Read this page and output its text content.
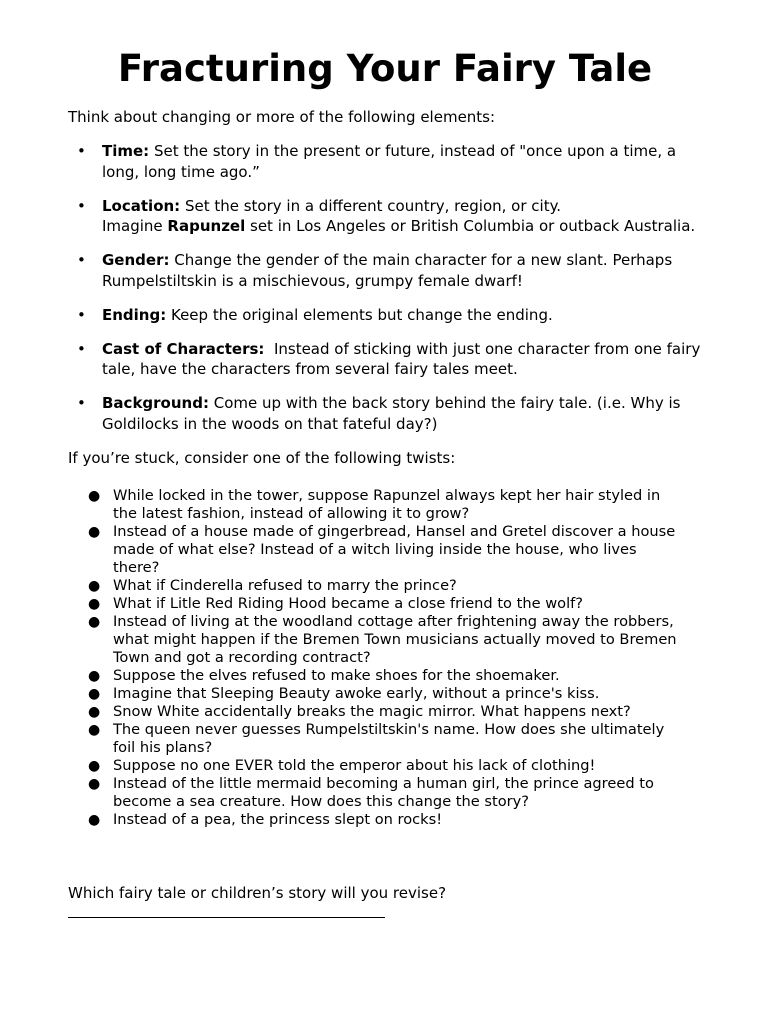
Fracturing Your Fairy Tale

Think about changing or more of the following elements:

• Time: Set the story in the present or future, instead of "once upon a time, a long, long time ago.”
• Location: Set the story in a different country, region, or city.
Imagine Rapunzel set in Los Angeles or British Columbia or outback Australia.
• Gender: Change the gender of the main character for a new slant. Perhaps Rumpelstiltskin is a mischievous, grumpy female dwarf!
• Ending: Keep the original elements but change the ending.
• Cast of Characters:  Instead of sticking with just one character from one fairy tale, have the characters from several fairy tales meet.
• Background: Come up with the back story behind the fairy tale. (i.e. Why is Goldilocks in the woods on that fateful day?)

If you’re stuck, consider one of the following twists:

● While locked in the tower, suppose Rapunzel always kept her hair styled in
the latest fashion, instead of allowing it to grow?
● Instead of a house made of gingerbread, Hansel and Gretel discover a house
made of what else? Instead of a witch living inside the house, who lives
there?
● What if Cinderella refused to marry the prince?
● What if Litle Red Riding Hood became a close friend to the wolf?
● Instead of living at the woodland cottage after frightening away the robbers,
what might happen if the Bremen Town musicians actually moved to Bremen
Town and got a recording contract?
● Suppose the elves refused to make shoes for the shoemaker.
● Imagine that Sleeping Beauty awoke early, without a prince's kiss.
● Snow White accidentally breaks the magic mirror. What happens next?
● The queen never guesses Rumpelstiltskin's name. How does she ultimately
foil his plans?
● Suppose no one EVER told the emperor about his lack of clothing!
● Instead of the little mermaid becoming a human girl, the prince agreed to
become a sea creature. How does this change the story?
● Instead of a pea, the princess slept on rocks!

Which fairy tale or children’s story will you revise?
